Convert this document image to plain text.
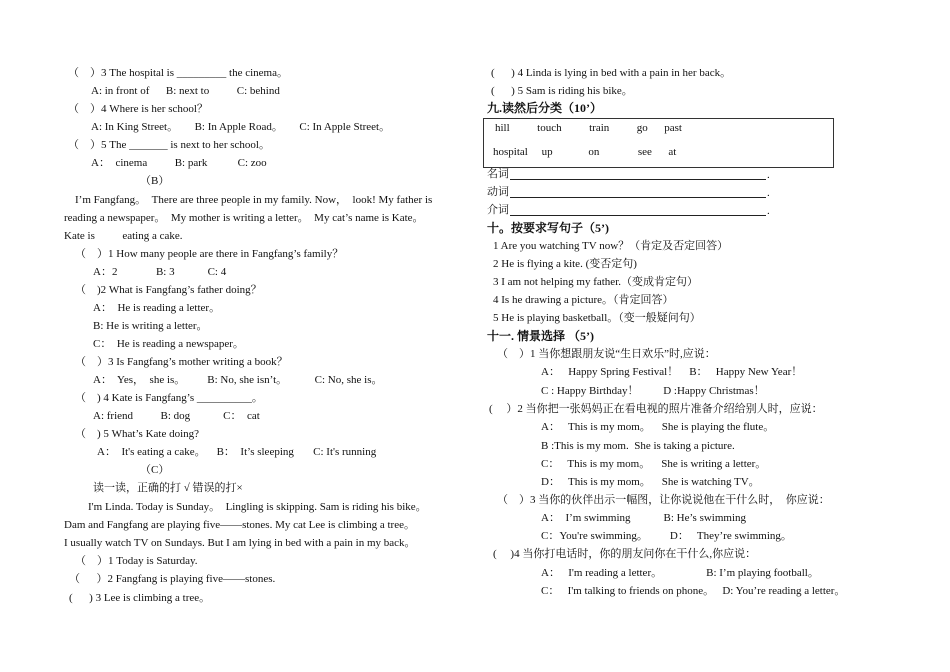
（    ）3 The hospital is _________ the cinema。
A: in front of      B: next to          C: behind
（    ）4 Where is her school？
A: In King Street。      B: In Apple Road。      C: In Apple Street。
（    ）5 The _______ is next to her school。
A：  cinema          B: park           C: zoo
（B）
I’m Fangfang。  There are three people in my family. Now，  look! My father is
reading a newspaper。  My mother is writing a letter。  My cat’s name is Kate。
Kate is          eating a cake.
（    ）1 How many people are there in Fangfang’s family？
A：2              B: 3            C: 4
（    )2 What is Fangfang’s father doing？
A：  He is reading a letter。
B: He is writing a letter。
C：  He is reading a newspaper。
（    ）3 Is Fangfang’s mother writing a book？
A：  Yes，  she is。        B: No, she isn’t。          C: No, she is。
（    ) 4 Kate is Fangfang’s __________。
A: friend          B: dog            C：  cat
（    ) 5 What’s Kate doing?
A：  It's eating a cake。    B：  It’s sleeping       C: It's running
（C）
读一读，正确的打 √ 错误的打×
I'm Linda. Today is Sunday。  Lingling is skipping. Sam is riding his bike。
Dam and Fangfang are playing five——stones. My cat Lee is climbing a tree。
I usually watch TV on Sundays. But I am lying in bed with a pain in my back。
（    ）1 Today is Saturday.
（      ）2 Fangfang is playing five——stones.
(      ) 3 Lee is climbing a tree。
(      ) 4 Linda is lying in bed with a pain in her back。
(      ) 5 Sam is riding his bike。
九.读然后分类（10’）
hill          touch          train          go      past
hospital     up             on              see      at
名词
动词
介词
十。按要求写句子（5’)
1 Are you watching TV now？（肯定及否定回答）
2 He is flying a kite. (变否定句)
3 I am not helping my father.（变成肯定句）
4 Is he drawing a picture。（肯定回答）
5 He is playing basketball。（变一般疑问句）
十一. 情景选择 （5’)
（    ）1 当你想跟朋友说“生日欢乐”时,应说：
A：   Happy Spring Festival！    B：   Happy New Year！
C : Happy Birthday！         D :Happy Christmas！
(     ）2 当你把一张妈妈正在看电视的照片准备介绍给别人时，应说：
A：   This is my mom。    She is playing the flute。
B :This is my mom.  She is taking a picture.
C：   This is my mom。    She is writing a letter。
D：   This is my mom。    She is watching TV。
（    ）3 当你的伙伴出示一幅图，让你说说他在干什么时，  你应说：
A：  I’m swimming            B: He’s swimming
C：You're swimming。        D：   They’re swimming。
(     )4 当你打电话时，你的朋友问你在干什么,你应说：
A：   I'm reading a letter。                B: I’m playing football。
C：   I'm talking to friends on phone。   D: You’re reading a letter。
.
.
.
